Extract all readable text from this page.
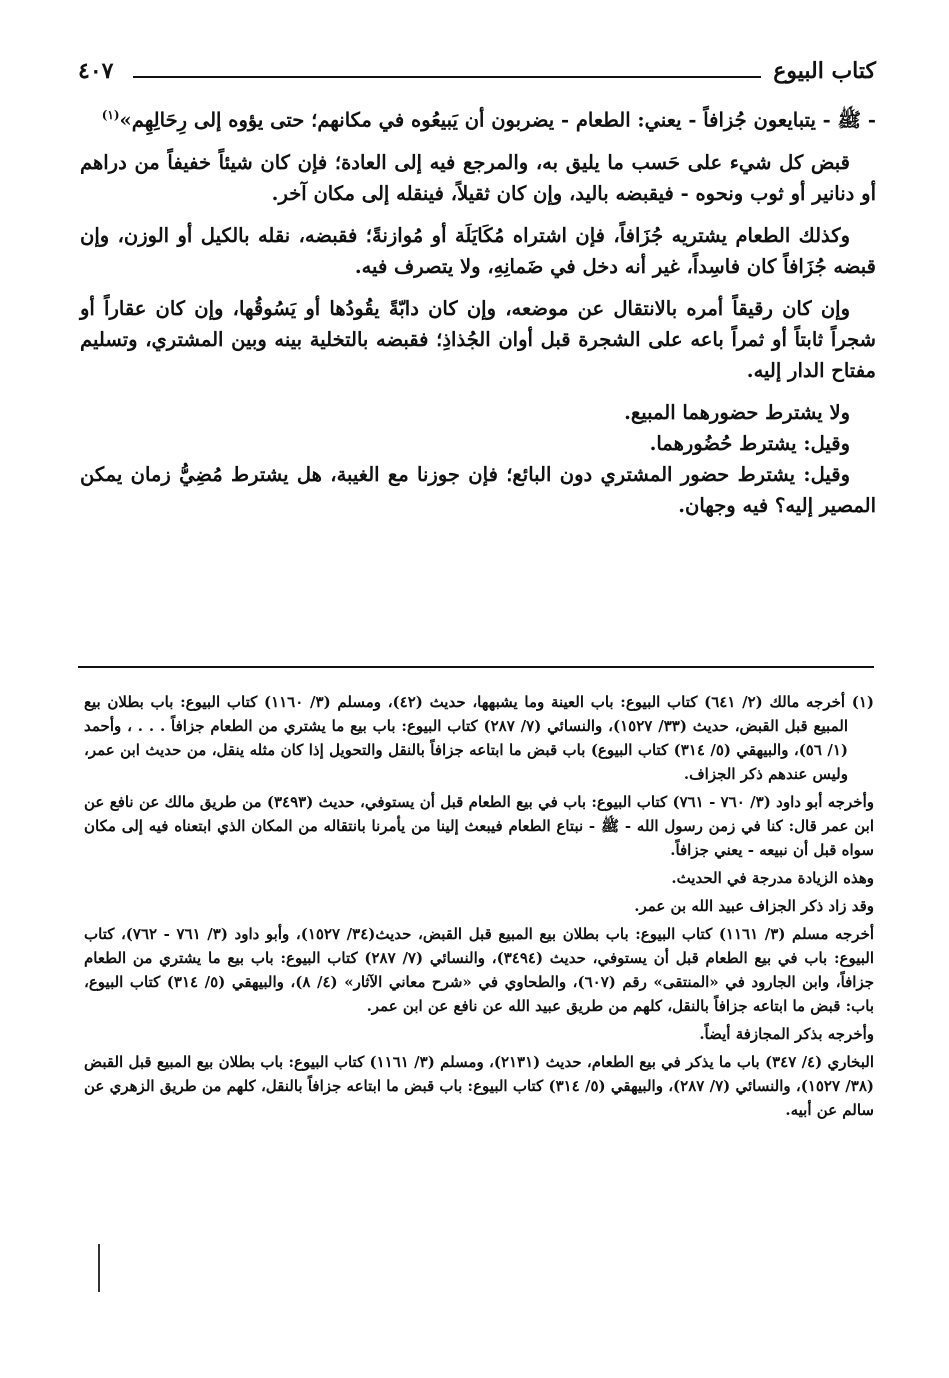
كتاب البيوع
٤٠٧

- ﷺ - يتبايعون جُزافاً - يعني: الطعام - يضربون أن يَبيعُوه في مكانهم؛ حتى يؤوه إلى رِحَالِهِم»$^{(١)}$

قبض كل شيء على حَسب ما يليق به، والمرجع فيه إلى العادة؛ فإن كان شيئاً خفيفاً من دراهم أو دنانير أو ثوب ونحوه - فيقبضه باليد، وإن كان ثقيلاً، فينقله إلى مكان آخر.

وكذلك الطعام يشتريه جُزَافاً، فإن اشتراه مُكَايَلَة أو مُوازنةً؛ فقبضه، نقله بالكيل أو الوزن، وإن قبضه جُزَافاً كان فاسِداً، غير أنه دخل في ضَمانِهِ، ولا يتصرف فيه.

وإن كان رقيقاً أمره بالانتقال عن موضعه، وإن كان دابّةً يقُودُها أو يَسُوقُها، وإن كان عقاراً أو شجراً ثابتاً أو ثمراً باعه على الشجرة قبل أوان الجُذاذِ؛ فقبضه بالتخلية بينه وبين المشتري، وتسليم مفتاح الدار إليه.

ولا يشترط حضورهما المبيع.

وقيل: يشترط حُضُورهما.

وقيل: يشترط حضور المشتري دون البائع؛ فإن جوزنا مع الغيبة، هل يشترط مُضِيُّ زمان يمكن المصير إليه؟ فيه وجهان.

(١) أخرجه مالك (٢/ ٦٤١) كتاب البيوع: باب العينة وما يشبهها، حديث (٤٢)، ومسلم (٣/ ١١٦٠) كتاب البيوع: باب بطلان بيع المبيع قبل القبض، حديث (٣٣/ ١٥٢٧)، والنسائي (٧/ ٢٨٧) كتاب البيوع: باب بيع ما يشتري من الطعام جزافاً . . . ، وأحمد (١/ ٥٦)، والبيهقي (٥/ ٣١٤) كتاب البيوع) باب قبض ما ابتاعه جزافاً بالنقل والتحويل إذا كان مثله ينقل، من حديث ابن عمر، وليس عندهم ذكر الجزاف.

وأخرجه أبو داود (٣/ ٧٦٠ - ٧٦١) كتاب البيوع: باب في بيع الطعام قبل أن يستوفي، حديث (٣٤٩٣) من طريق مالك عن نافع عن ابن عمر قال: كنا في زمن رسول الله - ﷺ - نبتاع الطعام فيبعث إلينا من يأمرنا بانتقاله من المكان الذي ابتعناه فيه إلى مكان سواه قبل أن نبيعه - يعني جزافاً.

وهذه الزيادة مدرجة في الحديث.

وقد زاد ذكر الجزاف عبيد الله بن عمر.

أخرجه مسلم (٣/ ١١٦١) كتاب البيوع: باب بطلان بيع المبيع قبل القبض، حديث(٣٤/ ١٥٢٧)، وأبو داود (٣/ ٧٦١ - ٧٦٢)، كتاب البيوع: باب في بيع الطعام قبل أن يستوفي، حديث (٣٤٩٤)، والنسائي (٧/ ٢٨٧) كتاب البيوع: باب بيع ما يشتري من الطعام جزافاً، وابن الجارود في «المنتقى» رقم (٦٠٧)، والطحاوي في «شرح معاني الآثار» (٤/ ٨)، والبيهقي (٥/ ٣١٤) كتاب البيوع، باب: قبض ما ابتاعه جزافاً بالنقل، كلهم من طريق عبيد الله عن نافع عن ابن عمر.

وأخرجه بذكر المجازفة أيضاً.

البخاري (٤/ ٣٤٧) باب ما يذكر في بيع الطعام، حديث (٢١٣١)، ومسلم (٣/ ١١٦١) كتاب البيوع: باب بطلان بيع المبيع قبل القبض (٣٨/ ١٥٢٧)، والنسائي (٧/ ٢٨٧)، والبيهقي (٥/ ٣١٤) كتاب البيوع: باب قبض ما ابتاعه جزافاً بالنقل، كلهم من طريق الزهري عن سالم عن أبيه.
